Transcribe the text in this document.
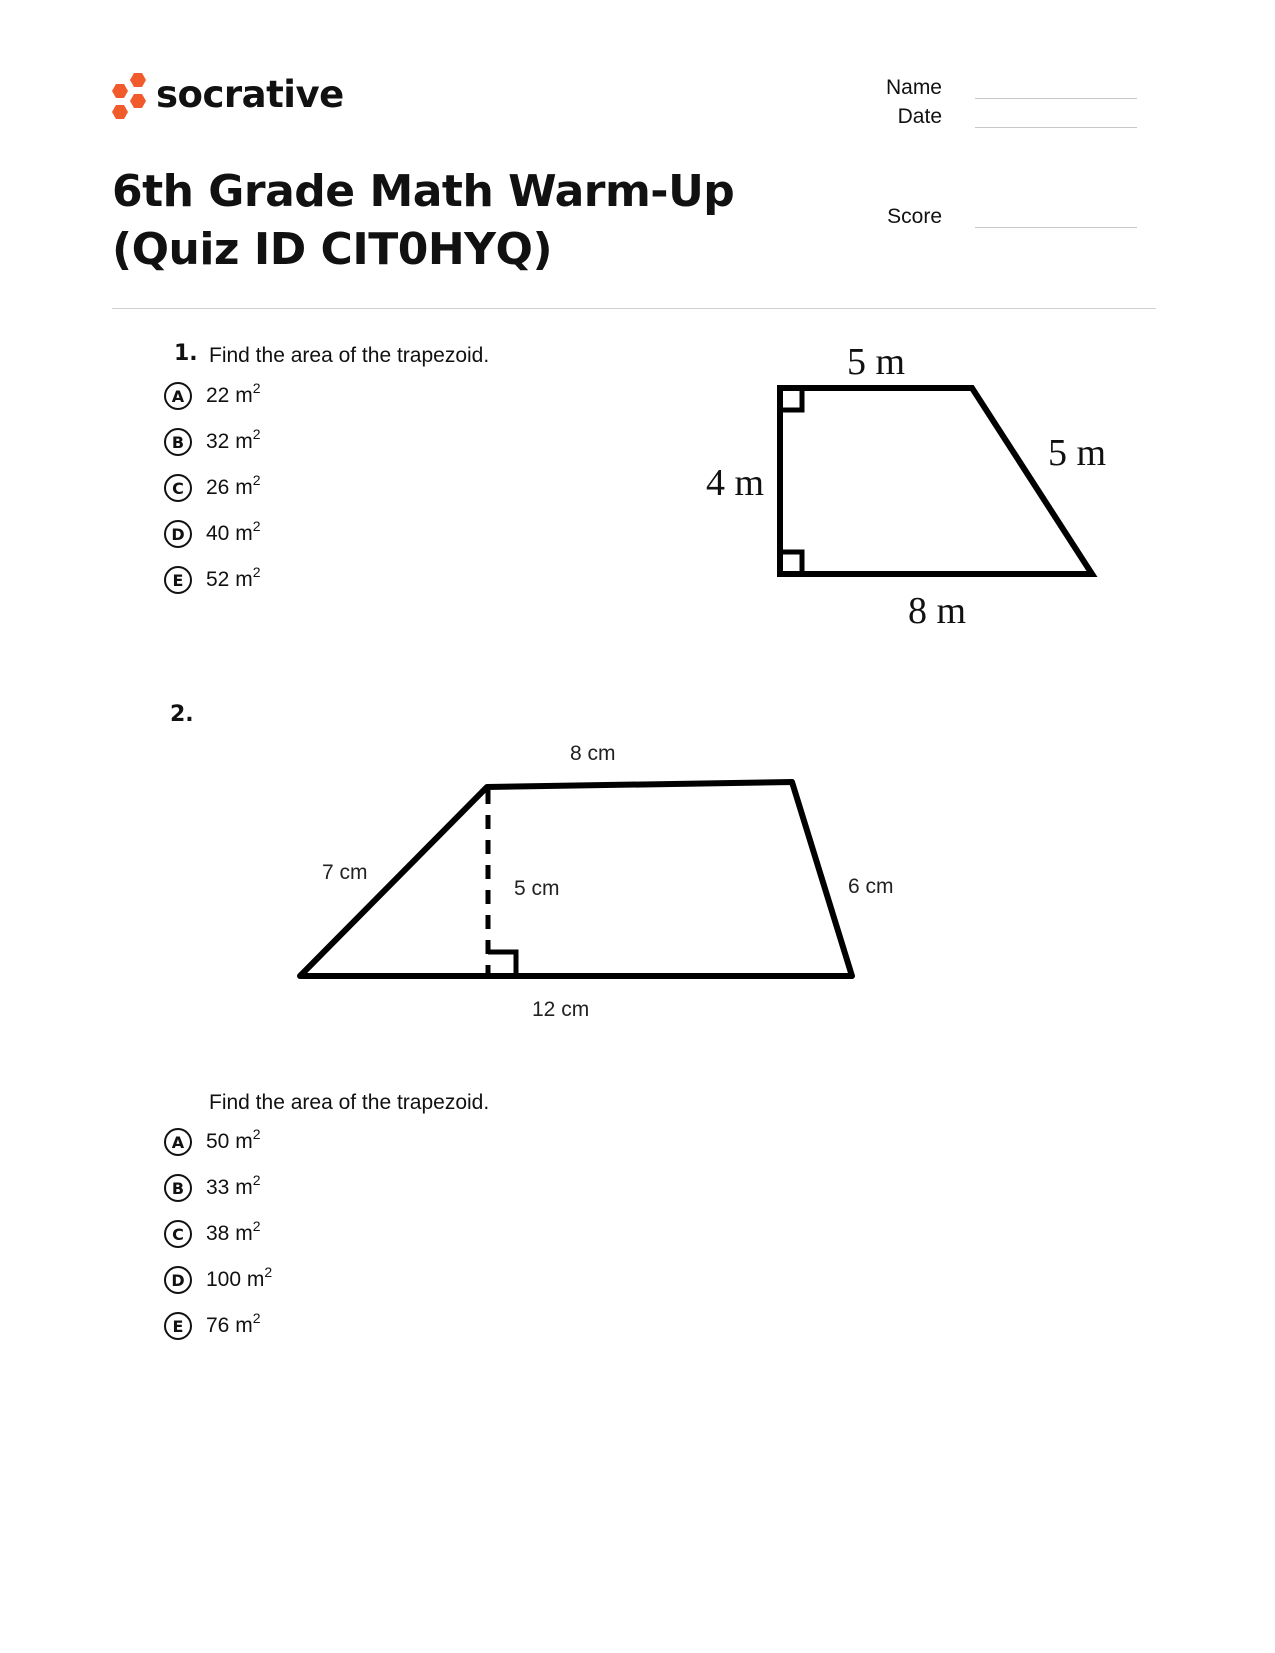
socrative	Name
Date
Score
6th Grade Math Warm-Up (Quiz ID CIT0HYQ)
1. Find the area of the trapezoid.
A	22 $m^2$
B	32 $m^2$
C	26 $m^2$
D	40 $m^2$
E	52 $m^2$
5 m
4 m
5 m
8 m
2.
8 cm
7 cm
5 cm	6 cm
12 cm
Find the area of the trapezoid.
A	50 $m^2$
B	33 $m^2$
C	38 $m^2$
D	100 $m^2$
E	76 $m^2$
